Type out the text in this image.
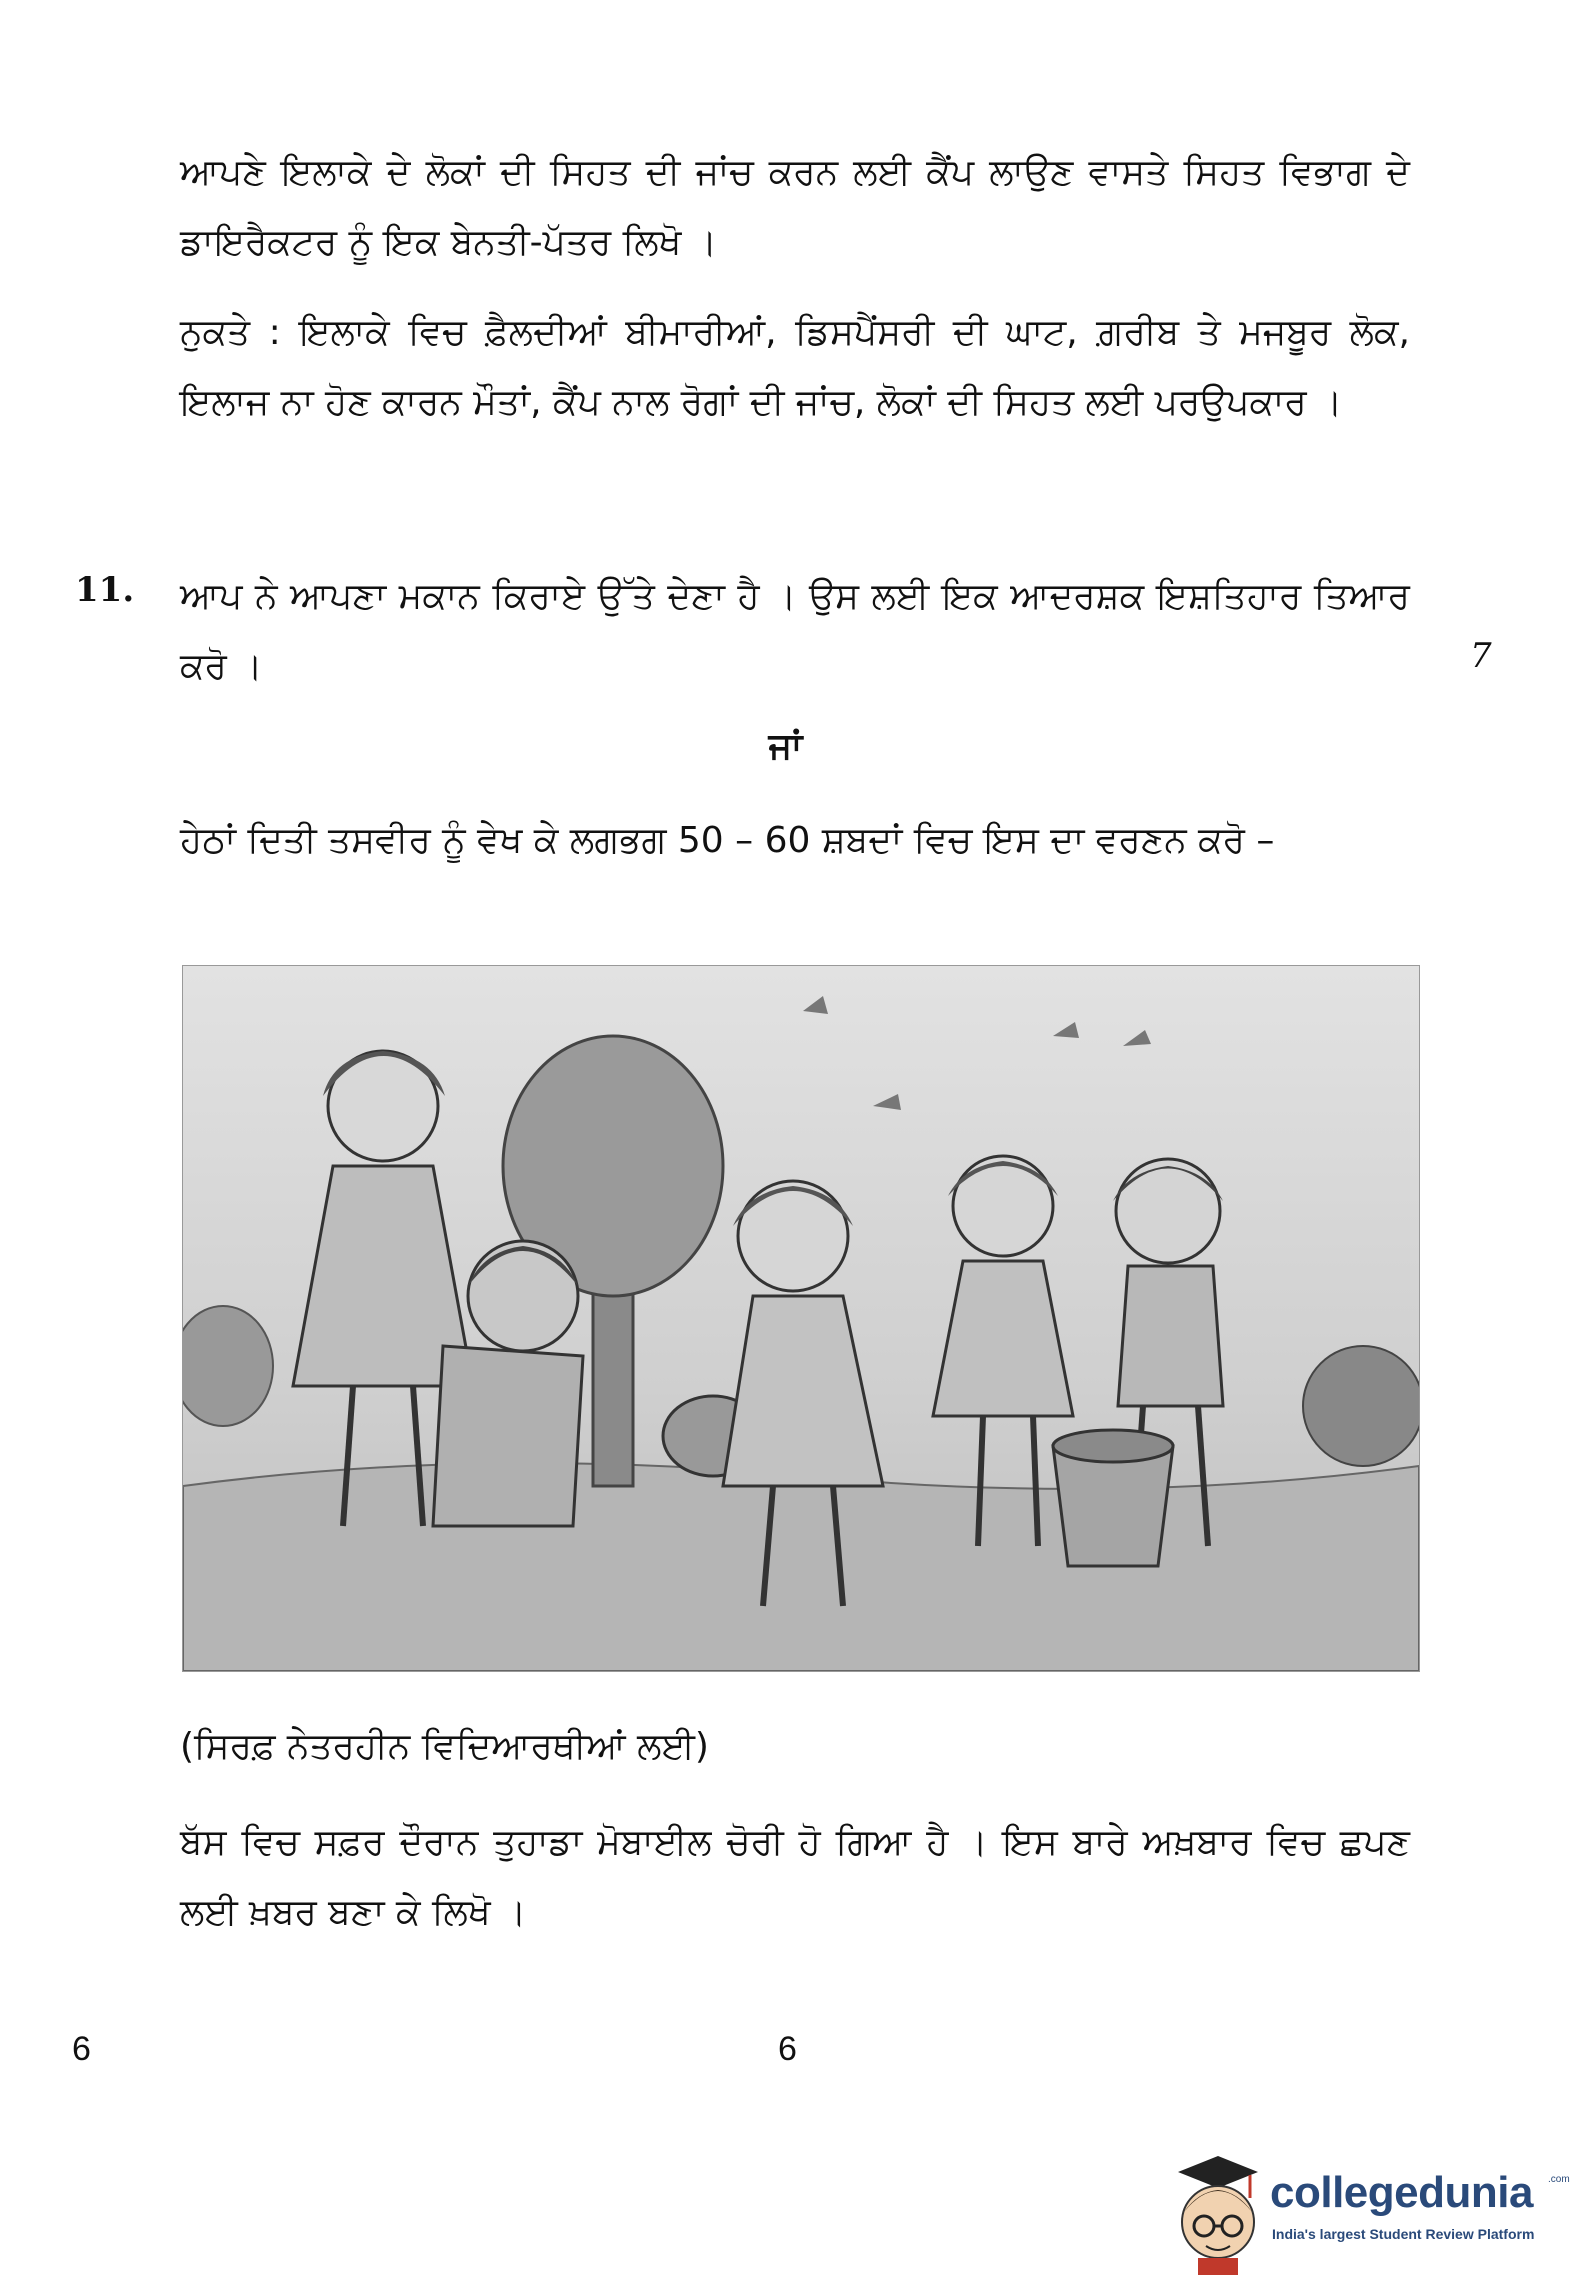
ਆਪਣੇ ਇਲਾਕੇ ਦੇ ਲੋਕਾਂ ਦੀ ਸਿਹਤ ਦੀ ਜਾਂਚ ਕਰਨ ਲਈ ਕੈਂਪ ਲਾਉਣ ਵਾਸਤੇ ਸਿਹਤ ਵਿਭਾਗ ਦੇ ਡਾਇਰੈਕਟਰ ਨੂੰ ਇਕ ਬੇਨਤੀ-ਪੱਤਰ ਲਿਖੋ ।

ਨੁਕਤੇ : ਇਲਾਕੇ ਵਿਚ ਫ਼ੈਲਦੀਆਂ ਬੀਮਾਰੀਆਂ, ਡਿਸਪੈਂਸਰੀ ਦੀ ਘਾਟ, ਗ਼ਰੀਬ ਤੇ ਮਜਬੂਰ ਲੋਕ, ਇਲਾਜ ਨਾ ਹੋਣ ਕਾਰਨ ਮੌਤਾਂ, ਕੈਂਪ ਨਾਲ ਰੋਗਾਂ ਦੀ ਜਾਂਚ, ਲੋਕਾਂ ਦੀ ਸਿਹਤ ਲਈ ਪਰਉਪਕਾਰ ।

11. ਆਪ ਨੇ ਆਪਣਾ ਮਕਾਨ ਕਿਰਾਏ ਉੱਤੇ ਦੇਣਾ ਹੈ । ਉਸ ਲਈ ਇਕ ਆਦਰਸ਼ਕ ਇਸ਼ਤਿਹਾਰ ਤਿਆਰ ਕਰੋ ।	7
ਜਾਂ

ਹੇਠਾਂ ਦਿਤੀ ਤਸਵੀਰ ਨੂੰ ਵੇਖ ਕੇ ਲਗਭਗ 50 – 60 ਸ਼ਬਦਾਂ ਵਿਚ ਇਸ ਦਾ ਵਰਣਨ ਕਰੋ –

(ਸਿਰਫ਼ ਨੇਤਰਹੀਨ ਵਿਦਿਆਰਥੀਆਂ ਲਈ)

ਬੱਸ ਵਿਚ ਸਫ਼ਰ ਦੌਰਾਨ ਤੁਹਾਡਾ ਮੋਬਾਈਲ ਚੋਰੀ ਹੋ ਗਿਆ ਹੈ । ਇਸ ਬਾਰੇ ਅਖ਼ਬਾਰ ਵਿਚ ਛਪਣ ਲਈ ਖ਼ਬਰ ਬਣਾ ਕੇ ਲਿਖੋ ।

6	6
collegedunia .com
India's largest Student Review Platform
